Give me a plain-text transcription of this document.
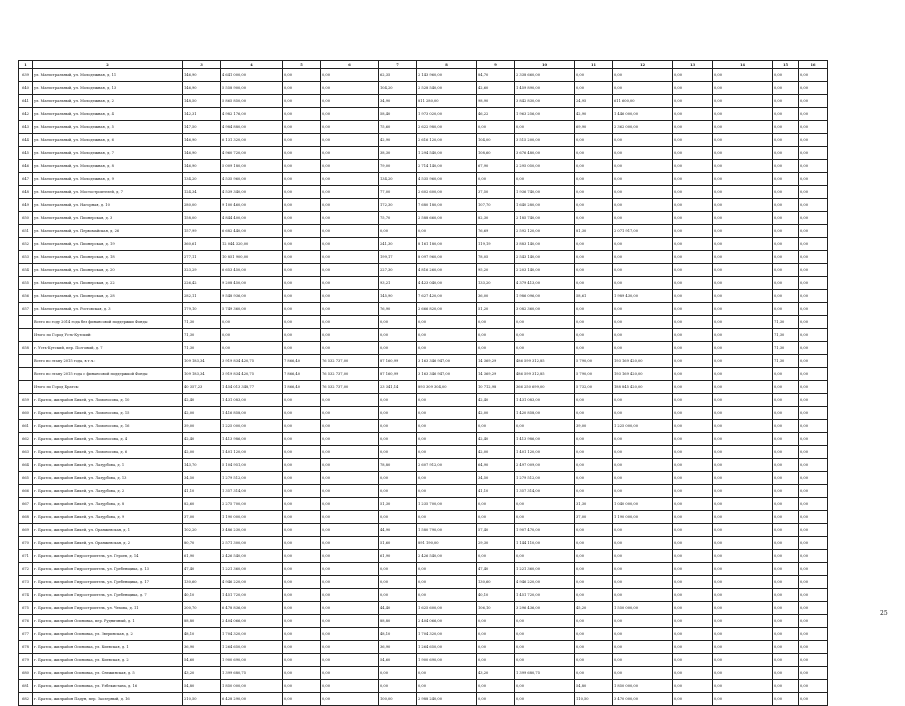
1	2	3	4	5	6	7	8	9	10	11	12	13	14	15	16
639	ул. Магистральный, ул. Молодежная, д. 11	146,90	4 641 000,00	0,00	0,00	62,35	2 143 960,00	84,70	2 338 660,00	0,00	0,00	0,00	0,00	0,00	0,00
640	ул. Магистральный, ул. Молодежная, д. 13	146,90	5 558 900,00	0,00	0,00	104,20	2 528 540,00	42,60	1 459 890,00	0,00	0,00	0,00	0,00	0,00	0,00
641	ул. Магистральный, ул. Молодежная, д. 2	148,50	5 865 850,00	0,00	0,00	34,90	811 280,00	98,90	3 842 830,00	24,95	611 600,00	0,00	0,00	0,00	0,00
642	ул. Магистральный, ул. Молодежная, д. 4	142,31	4 982 176,00	0,00	0,00	58,40	1 973 020,00	46,22	1 963 256,00	42,90	1 446 000,00	0,00	0,00	0,00	0,00
643	ул. Магистральный, ул. Молодежная, д. 5	147,50	4 984 880,00	0,00	0,00	75,60	2 622 980,00	0,00	0,00	69,90	2 362 000,00	0,00	0,00	0,00	0,00
644	ул. Магистральный, ул. Молодежная, д. 6	146,90	6 131 320,00	0,00	0,00	42,90	2 616 120,00	104,00	3 515 200,00	0,00	0,00	0,00	0,00	0,00	0,00
645	ул. Магистральный, ул. Молодежная, д. 7	146,90	4 960 720,00	0,00	0,00	38,30	1 294 540,00	108,60	3 676 480,00	0,00	0,00	0,00	0,00	0,00	0,00
646	ул. Магистральный, ул. Молодежная, д. 8	146,90	5 009 180,00	0,00	0,00	79,00	2 714 140,00	67,90	2 295 050,00	0,00	0,00	0,00	0,00	0,00	0,00
647	ул. Магистральный, ул. Молодежная, д. 9	134,20	4 535 960,00	0,00	0,00	134,20	4 535 960,00	0,00	0,00	0,00	0,00	0,00	0,00	0,00	0,00
648	ул. Магистральный, ул. Мостостроителей, д. 7	124,34	4 539 340,00	0,00	0,00	77,00	2 602 600,00	37,50	1 936 740,00	0,00	0,00	0,00	0,00	0,00	0,00
649	ул. Магистральный, ул. Нагорная, д. 10	280,00	9 100 460,00	0,00	0,00	172,30	7 680 180,00	107,70	1 640 280,00	0,00	0,00	0,00	0,00	0,00	0,00
650	ул. Магистральный, ул. Пионерская, д. 3	158,00	4 844 400,00	0,00	0,00	75,70	2 588 660,00	82,30	2 185 740,00	0,00	0,00	0,00	0,00	0,00	0,00
651	ул. Магистральный, ул. Первомайская, д. 26	157,99	6 682 440,00	0,00	0,00	0,00	0,00	76,69	2 592 120,00	81,30	2 071 917,00	0,00	0,00	0,00	0,00
652	ул. Магистральный, ул. Пионерская, д. 19	360,61	12 044 320,00	0,00	0,00	241,30	8 161 180,00	119,19	3 883 140,00	0,00	0,00	0,00	0,00	0,00	0,00
653	ул. Магистральный, ул. Пионерская, д. 18	277,11	10 851 900,00	0,00	0,00	199,17	8 097 960,00	78,05	2 543 140,00	0,00	0,00	0,00	0,00	0,00	0,00
654	ул. Магистральный, ул. Пионерская, д. 20	323,29	6 653 450,00	0,00	0,00	227,30	4 816 260,00	95,20	2 203 140,00	0,00	0,00	0,00	0,00	0,00	0,00
655	ул. Магистральный, ул. Пионерская, д. 22	226,42	9 208 450,00	0,00	0,00	93,21	4 423 040,00	133,20	4 379 413,00	0,00	0,00	0,00	0,00	0,00	0,00
656	ул. Магистральный, ул. Пионерская, д. 28	282,11	9 548 936,00	0,00	0,00	145,90	7 627 420,00	36,00	1 986 096,00	58,61	1 989 430,00	0,00	0,00	0,00	0,00
657	ул. Магистральный, ул. Ростовская, д. 3	179,10	5 749 360,00	0,00	0,00	76,90	2 666 820,00	51,20	3 082 360,00	0,00	0,00	0,00	0,00	0,00	0,00
	Всего по году 2014 года без финансовой поддержки Фонда:	71,30	0,00	0,00	0,00	0,00	0,00	0,00	0,00	0,00	0,00	0,00	0,00	71,30	0,00
	Итого по Город Усть-Кутский:	71,30	0,00	0,00	0,00	0,00	0,00	0,00	0,00	0,00	0,00	0,00	0,00	71,30	0,00
658	г. Усть-Кутский, пер. Пол-овый, д. 7	71,30	0,00	0,00	0,00	0,00	0,00	0,00	0,00	0,00	0,00	0,00	0,00	71,30	0,00
	Всего по этапу 2015 года, в т.ч.:	109 183,34	3 919 834 420,75	7 866,40	76 532 737,00	87 160,99	3 163 346 947,00	14 369,29	486 599 312,85	5 790,00	193 169 420,00	0,00	0,00	71,30	0,00
	Всего по этапу 2015 года с финансовой поддержкой Фонда:	109 183,34	3 919 834 420,75	7 866,40	76 532 737,00	87 160,99	3 163 346 947,00	14 369,29	486 599 312,85	5 790,00	193 169 420,00	0,00	0,00	0,00	0,00
	Итого по Город Братск:	40 357,23	1 454 013 348,77	1 866,40	76 532 737,00	23 341,14	893 309 304,00	10 712,98	366 250 699,00	5 732,00	188 845 420,00	0,00	0,00	0,00	0,00
659	г. Братск, жилрайон Бикей, ул. Ломоносова, д. 10	42,40	1 431 083,00	0,00	0,00	0,00	0,00	42,40	1 431 083,00	0,00	0,00	0,00	0,00	0,00	0,00
660	г. Братск, жилрайон Бикей, ул. Ломоносова, д. 15	42,00	1 416 858,00	0,00	0,00	0,00	0,00	42,00	1 420 858,00	0,00	0,00	0,00	0,00	0,00	0,00
661	г. Братск, жилрайон Бикей, ул. Ломоносова, д. 16	39,00	1 225 000,00	0,00	0,00	0,00	0,00	0,00	0,00	39,00	1 225 000,00	0,00	0,00	0,00	0,00
662	г. Братск, жилрайон Бикей, ул. Ломоносова, д. 4	42,40	1 413 986,00	0,00	0,00	0,00	0,00	42,40	1 413 986,00	0,00	0,00	0,00	0,00	0,00	0,00
663	г. Братск, жилрайон Бикей, ул. Ломоносова, д. 6	42,00	1 401 120,00	0,00	0,00	0,00	0,00	42,00	1 401 120,00	0,00	0,00	0,00	0,00	0,00	0,00
664	г. Братск, жилрайон Бикей, ул. Лазурбова, д. 1	143,70	5 104 951,00	0,00	0,00	78,80	2 607 912,00	64,90	2 497 009,00	0,00	0,00	0,00	0,00	0,00	0,00
665	г. Братск, жилрайон Бикей, ул. Лазурбова, д. 13	34,50	1 279 512,00	0,00	0,00	0,00	0,00	34,50	1 279 512,00	0,00	0,00	0,00	0,00	0,00	0,00
666	г. Братск, жилрайон Бикей, ул. Лазурбова, д. 2	41,10	1 357 314,00	0,00	0,00	0,00	0,00	41,10	1 357 314,00	0,00	0,00	0,00	0,00	0,00	0,00
667	г. Братск, жилрайон Бикей, ул. Лазурбова, д. 8	82,60	2 275 700,00	0,00	0,00	51,30	1 235 700,00	0,00	0,00	31,30	1 040 000,00	0,00	0,00	0,00	0,00
668	г. Братск, жилрайон Бикей, ул. Лазурбова, д. 9	37,00	1 190 000,00	0,00	0,00	0,00	0,00	0,00	0,00	37,00	1 190 000,00	0,00	0,00	0,00	0,00
669	г. Братск, жилрайон Бикей, ул. Оранжевская, д. 1	102,20	3 486 230,00	0,00	0,00	44,90	1 580 790,00	57,40	1 907 470,00	0,00	0,00	0,00	0,00	0,00	0,00
670	г. Братск, жилрайон Бикей, ул. Оранжевская, д. 2	80,70	2 571 300,00	0,00	0,00	51,60	891 190,00	29,30	1 144 110,00	0,00	0,00	0,00	0,00	0,00	0,00
671	г. Братск, жилрайон Гидростроитель, ул. Героев, д. 14	61,90	2 426 540,00	0,00	0,00	61,90	2 426 540,00	0,00	0,00	0,00	0,00	0,00	0,00	0,00	0,00
672	г. Братск, жилрайон Гидростроитель, ул. Гребенщика, д. 13	47,40	1 221 360,00	0,00	0,00	0,00	0,00	47,40	1 221 360,00	0,00	0,00	0,00	0,00	0,00	0,00
673	г. Братск, жилрайон Гидростроитель, ул. Гребенщика, д. 17	130,60	4 946 220,00	0,00	0,00	0,00	0,00	130,60	4 946 220,00	0,00	0,00	0,00	0,00	0,00	0,00
674	г. Братск, жилрайон Гидростроитель, ул. Гребенщика, д. 7	40,10	1 451 720,00	0,00	0,00	0,00	0,00	40,10	1 451 720,00	0,00	0,00	0,00	0,00	0,00	0,00
675	г. Братск, жилрайон Гидростроитель, ул. Чехова, д. 11	200,70	6 478 836,00	0,00	0,00	44,40	1 625 600,00	106,10	3 296 436,00	45,20	1 550 000,00	0,00	0,00	0,00	0,00
676	г. Братск, жилрайон Осиновка, пер. Рудничный, д. 1	88,80	2 404 066,00	0,00	0,00	88,80	2 404 066,00	0,00	0,00	0,00	0,00	0,00	0,00	0,00	0,00
677	г. Братск, жилрайон Осиновка, ул. Зверинская, д. 2	48,10	1 704 320,00	0,00	0,00	48,10	1 704 320,00	0,00	0,00	0,00	0,00	0,00	0,00	0,00	0,00
678	г. Братск, жилрайон Осиновка, ул. Киевская, д. 1	36,90	1 264 650,00	0,00	0,00	36,90	1 264 650,00	0,00	0,00	0,00	0,00	0,00	0,00	0,00	0,00
679	г. Братск, жилрайон Осиновка, ул. Киевская, д. 2	54,60	1 900 690,00	0,00	0,00	54,60	1 900 690,00	0,00	0,00	0,00	0,00	0,00	0,00	0,00	0,00
680	г. Братск, жилрайон Осиновка, ул. Снежинская, д. 5	43,20	1 399 680,75	0,00	0,00	0,00	0,00	43,20	1 399 680,75	0,00	0,00	0,00	0,00	0,00	0,00
681	г. Братск, жилрайон Осиновка, ул. Узбекистана, д. 16	54,80	1 850 000,00	0,00	0,00	0,00	0,00	0,00	0,00	54,80	1 850 000,00	0,00	0,00	0,00	0,00
682	г. Братск, жилрайон Падун, пер. Заозерный, д. 16	210,50	6 428 290,00	0,00	0,00	100,00	2 988 240,00	0,00	0,00	110,50	3 470 000,00	0,00	0,00	0,00	0,00
25
